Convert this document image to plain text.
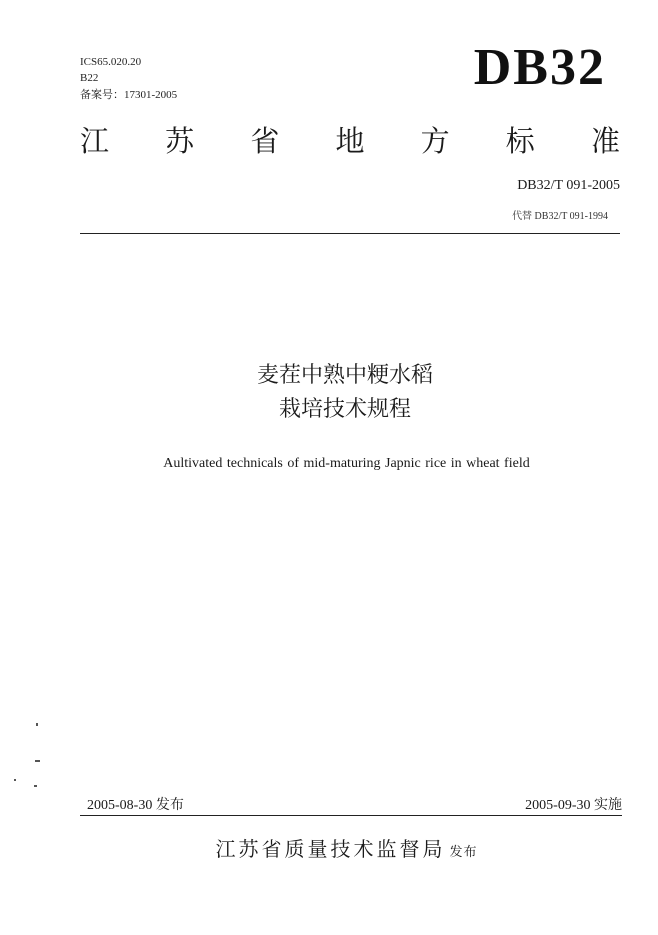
ICS65.020.20
B22
备案号：17301-2005	DB32
江 苏 省 地 方 标 准
DB32/T 091-2005
代替 DB32/T 091-1994
麦茬中熟中粳水稻
栽培技术规程
Aultivated technicals of mid-maturing Japnic rice in wheat field
2005-08-30 发布	2005-09-30 实施
江苏省质量技术监督局 发布
